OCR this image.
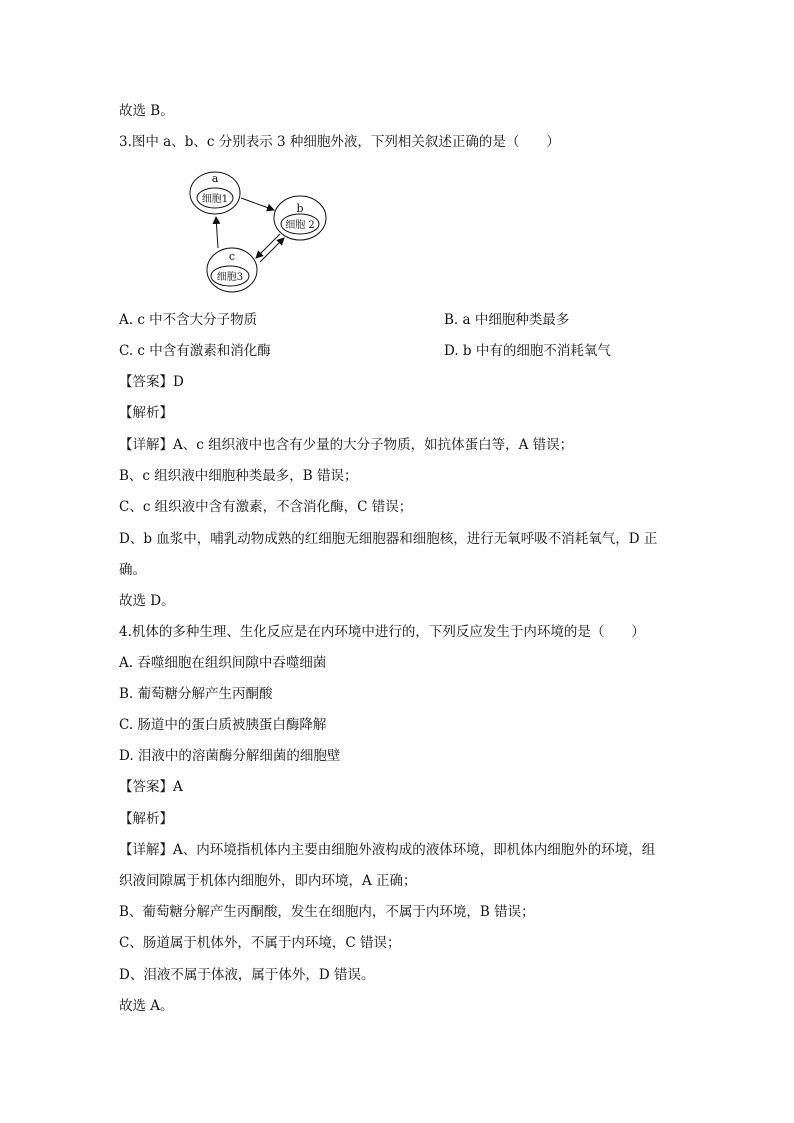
故选 B。
3.图中 a、b、c 分别表示 3 种细胞外液，下列相关叙述正确的是（　　）
a
细胞1
b
细胞 2
c
细胞3
A. c 中不含大分子物质	B. a 中细胞种类最多
C. c 中含有激素和消化酶	D. b 中有的细胞不消耗氧气
【答案】D
【解析】
【详解】A、c 组织液中也含有少量的大分子物质，如抗体蛋白等，A 错误；
B、c 组织液中细胞种类最多，B 错误；
C、c 组织液中含有激素，不含消化酶，C 错误；
D、b 血浆中，哺乳动物成熟的红细胞无细胞器和细胞核，进行无氧呼吸不消耗氧气，D 正
确。
故选 D。
4.机体的多种生理、生化反应是在内环境中进行的，下列反应发生于内环境的是（　　）
A. 吞噬细胞在组织间隙中吞噬细菌
B. 葡萄糖分解产生丙酮酸
C. 肠道中的蛋白质被胰蛋白酶降解
D. 泪液中的溶菌酶分解细菌的细胞壁
【答案】A
【解析】
【详解】A、内环境指机体内主要由细胞外液构成的液体环境，即机体内细胞外的环境，组
织液间隙属于机体内细胞外，即内环境，A 正确；
B、葡萄糖分解产生丙酮酸，发生在细胞内，不属于内环境，B 错误；
C、肠道属于机体外，不属于内环境，C 错误；
D、泪液不属于体液，属于体外，D 错误。
故选 A。
